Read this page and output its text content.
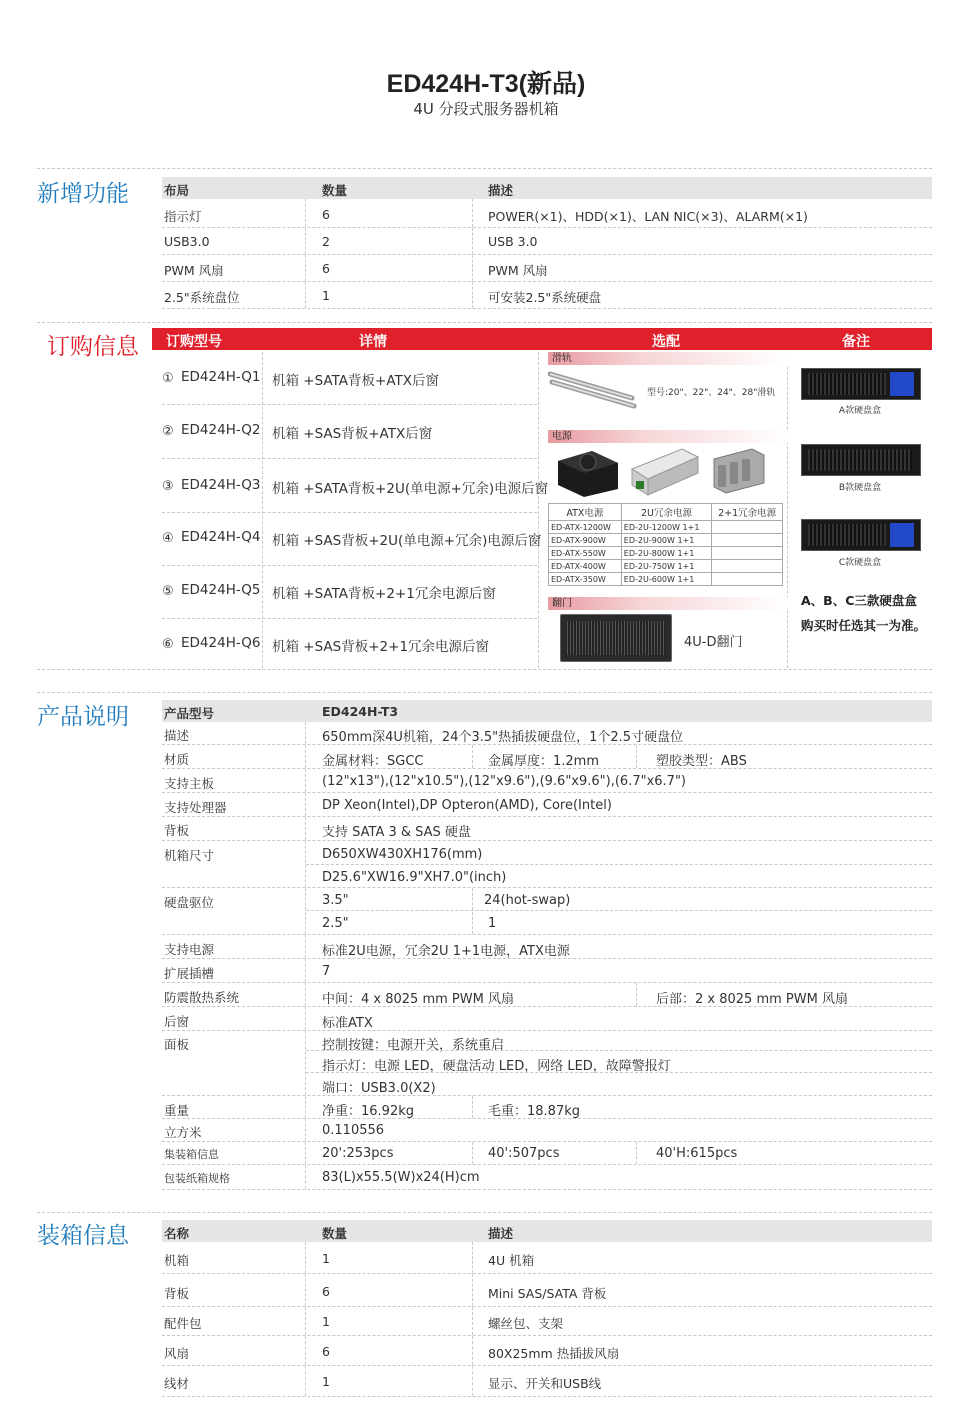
ED424H-T3(新品)
4U 分段式服务器机箱
新增功能	布局	数量	描述
指示灯	6	POWER(×1)、HDD(×1)、LAN NIC(×3)、ALARM(×1)
USB3.0	2	USB 3.0
PWM 风扇	6	PWM 风扇
2.5"系统盘位	1	可安装2.5"系统硬盘
订购信息 订购型号	详情	选配	备注
① ED424H-Q1 机箱 +SATA背板+ATX后窗
② ED424H-Q2 机箱 +SAS背板+ATX后窗
③ ED424H-Q3 机箱 +SATA背板+2U(单电源+冗余)电源后窗
④ ED424H-Q4 机箱 +SAS背板+2U(单电源+冗余)电源后窗
⑤ ED424H-Q5 机箱 +SATA背板+2+1冗余电源后窗
⑥ ED424H-Q6 机箱 +SAS背板+2+1冗余电源后窗
滑轨
型号:20"、22"、24"、28"滑轨
电源
ATX电源	2U冗余电源	2+1冗余电源
ED-ATX-1200W	ED-2U-1200W 1+1	
ED-ATX-900W	ED-2U-900W 1+1	
ED-ATX-550W	ED-2U-800W 1+1	
ED-ATX-400W	ED-2U-750W 1+1	
ED-ATX-350W	ED-2U-600W 1+1	
翻门
4U-D翻门
A款硬盘盒
B款硬盘盒
C款硬盘盒
A、B、C三款硬盘盒
购买时任选其一为准。
产品说明	产品型号	ED424H-T3
描述	650mm深4U机箱，24个3.5"热插拔硬盘位，1个2.5寸硬盘位
材质	金属材料：SGCC	金属厚度：1.2mm	塑胶类型：ABS
支持主板	(12"x13"),(12"x10.5"),(12"x9.6"),(9.6"x9.6"),(6.7"x6.7")
支持处理器	DP Xeon(Intel),DP Opteron(AMD), Core(Intel)
背板	支持 SATA 3 & SAS 硬盘
机箱尺寸	D650XW430XH176(mm)
D25.6"XW16.9"XH7.0"(inch)
硬盘驱位	3.5"	24(hot-swap)
2.5"	1
支持电源	标准2U电源，冗余2U 1+1电源，ATX电源
扩展插槽	7
防震散热系统	中间：4 x 8025 mm PWM 风扇	后部：2 x 8025 mm PWM 风扇
后窗	标准ATX
面板	控制按键：电源开关，系统重启
指示灯：电源 LED，硬盘活动 LED，网络 LED，故障警报灯
端口：USB3.0(X2)
重量	净重：16.92kg	毛重：18.87kg
立方米	0.110556
集装箱信息	20':253pcs	40':507pcs	40'H:615pcs
包装纸箱规格	83(L)x55.5(W)x24(H)cm
装箱信息	名称	数量	描述
机箱	1	4U 机箱
背板	6	Mini SAS/SATA 背板
配件包	1	螺丝包、支架
风扇	6	80X25mm 热插拔风扇
线材	1	显示、开关和USB线
